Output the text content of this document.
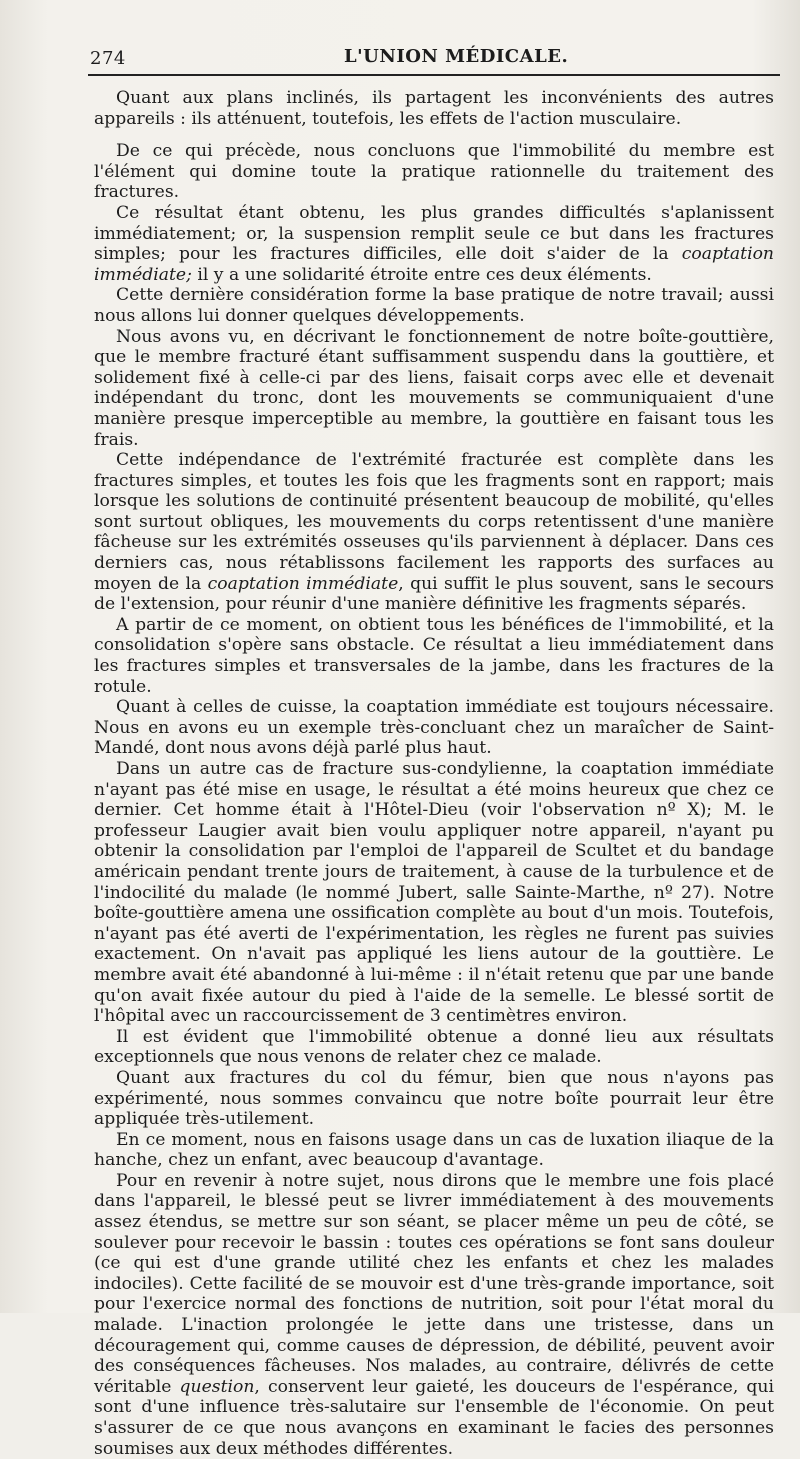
274	L'UNION MÉDICALE.

Quant aux plans inclinés, ils partagent les inconvénients des autres appareils : ils atténuent, toutefois, les effets de l'action musculaire.

De ce qui précède, nous concluons que l'immobilité du membre est l'élément qui domine toute la pratique rationnelle du traitement des fractures.

Ce résultat étant obtenu, les plus grandes difficultés s'aplanissent immédiatement; or, la suspension remplit seule ce but dans les fractures simples; pour les fractures difficiles, elle doit s'aider de la coaptation immédiate; il y a une solidarité étroite entre ces deux éléments.

Cette dernière considération forme la base pratique de notre travail; aussi nous allons lui donner quelques développements.

Nous avons vu, en décrivant le fonctionnement de notre boîte-gouttière, que le membre fracturé étant suffisamment suspendu dans la gouttière, et solidement fixé à celle-ci par des liens, faisait corps avec elle et devenait indépendant du tronc, dont les mouvements se communiquaient d'une manière presque imperceptible au membre, la gouttière en faisant tous les frais.

Cette indépendance de l'extrémité fracturée est complète dans les fractures simples, et toutes les fois que les fragments sont en rapport; mais lorsque les solutions de continuité présentent beaucoup de mobilité, qu'elles sont surtout obliques, les mouvements du corps retentissent d'une manière fâcheuse sur les extrémités osseuses qu'ils parviennent à déplacer. Dans ces derniers cas, nous rétablissons facilement les rapports des surfaces au moyen de la coaptation immédiate, qui suffit le plus souvent, sans le secours de l'extension, pour réunir d'une manière définitive les fragments séparés.

A partir de ce moment, on obtient tous les bénéfices de l'immobilité, et la consolidation s'opère sans obstacle. Ce résultat a lieu immédiatement dans les fractures simples et transversales de la jambe, dans les fractures de la rotule.

Quant à celles de cuisse, la coaptation immédiate est toujours nécessaire. Nous en avons eu un exemple très-concluant chez un maraîcher de Saint-Mandé, dont nous avons déjà parlé plus haut.

Dans un autre cas de fracture sus-condylienne, la coaptation immédiate n'ayant pas été mise en usage, le résultat a été moins heureux que chez ce dernier. Cet homme était à l'Hôtel-Dieu (voir l'observation nº X); M. le professeur Laugier avait bien voulu appliquer notre appareil, n'ayant pu obtenir la consolidation par l'emploi de l'appareil de Scultet et du bandage américain pendant trente jours de traitement, à cause de la turbulence et de l'indocilité du malade (le nommé Jubert, salle Sainte-Marthe, nº 27). Notre boîte-gouttière amena une ossification complète au bout d'un mois. Toutefois, n'ayant pas été averti de l'expérimentation, les règles ne furent pas suivies exactement. On n'avait pas appliqué les liens autour de la gouttière. Le membre avait été abandonné à lui-même : il n'était retenu que par une bande qu'on avait fixée autour du pied à l'aide de la semelle. Le blessé sortit de l'hôpital avec un raccourcissement de 3 centimètres environ.

Il est évident que l'immobilité obtenue a donné lieu aux résultats exceptionnels que nous venons de relater chez ce malade.

Quant aux fractures du col du fémur, bien que nous n'ayons pas expérimenté, nous sommes convaincu que notre boîte pourrait leur être appliquée très-utilement.

En ce moment, nous en faisons usage dans un cas de luxation iliaque de la hanche, chez un enfant, avec beaucoup d'avantage.

Pour en revenir à notre sujet, nous dirons que le membre une fois placé dans l'appareil, le blessé peut se livrer immédiatement à des mouvements assez étendus, se mettre sur son séant, se placer même un peu de côté, se soulever pour recevoir le bassin : toutes ces opérations se font sans douleur (ce qui est d'une grande utilité chez les enfants et chez les malades indociles). Cette facilité de se mouvoir est d'une très-grande importance, soit pour l'exercice normal des fonctions de nutrition, soit pour l'état moral du malade. L'inaction prolongée le jette dans une tristesse, dans un découragement qui, comme causes de dépression, de débilité, peuvent avoir des conséquences fâcheuses. Nos malades, au contraire, délivrés de cette véritable question, conservent leur gaieté, les douceurs de l'espérance, qui sont d'une influence très-salutaire sur l'ensemble de l'économie. On peut s'assurer de ce que nous avançons en examinant le facies des personnes soumises aux deux méthodes différentes.
